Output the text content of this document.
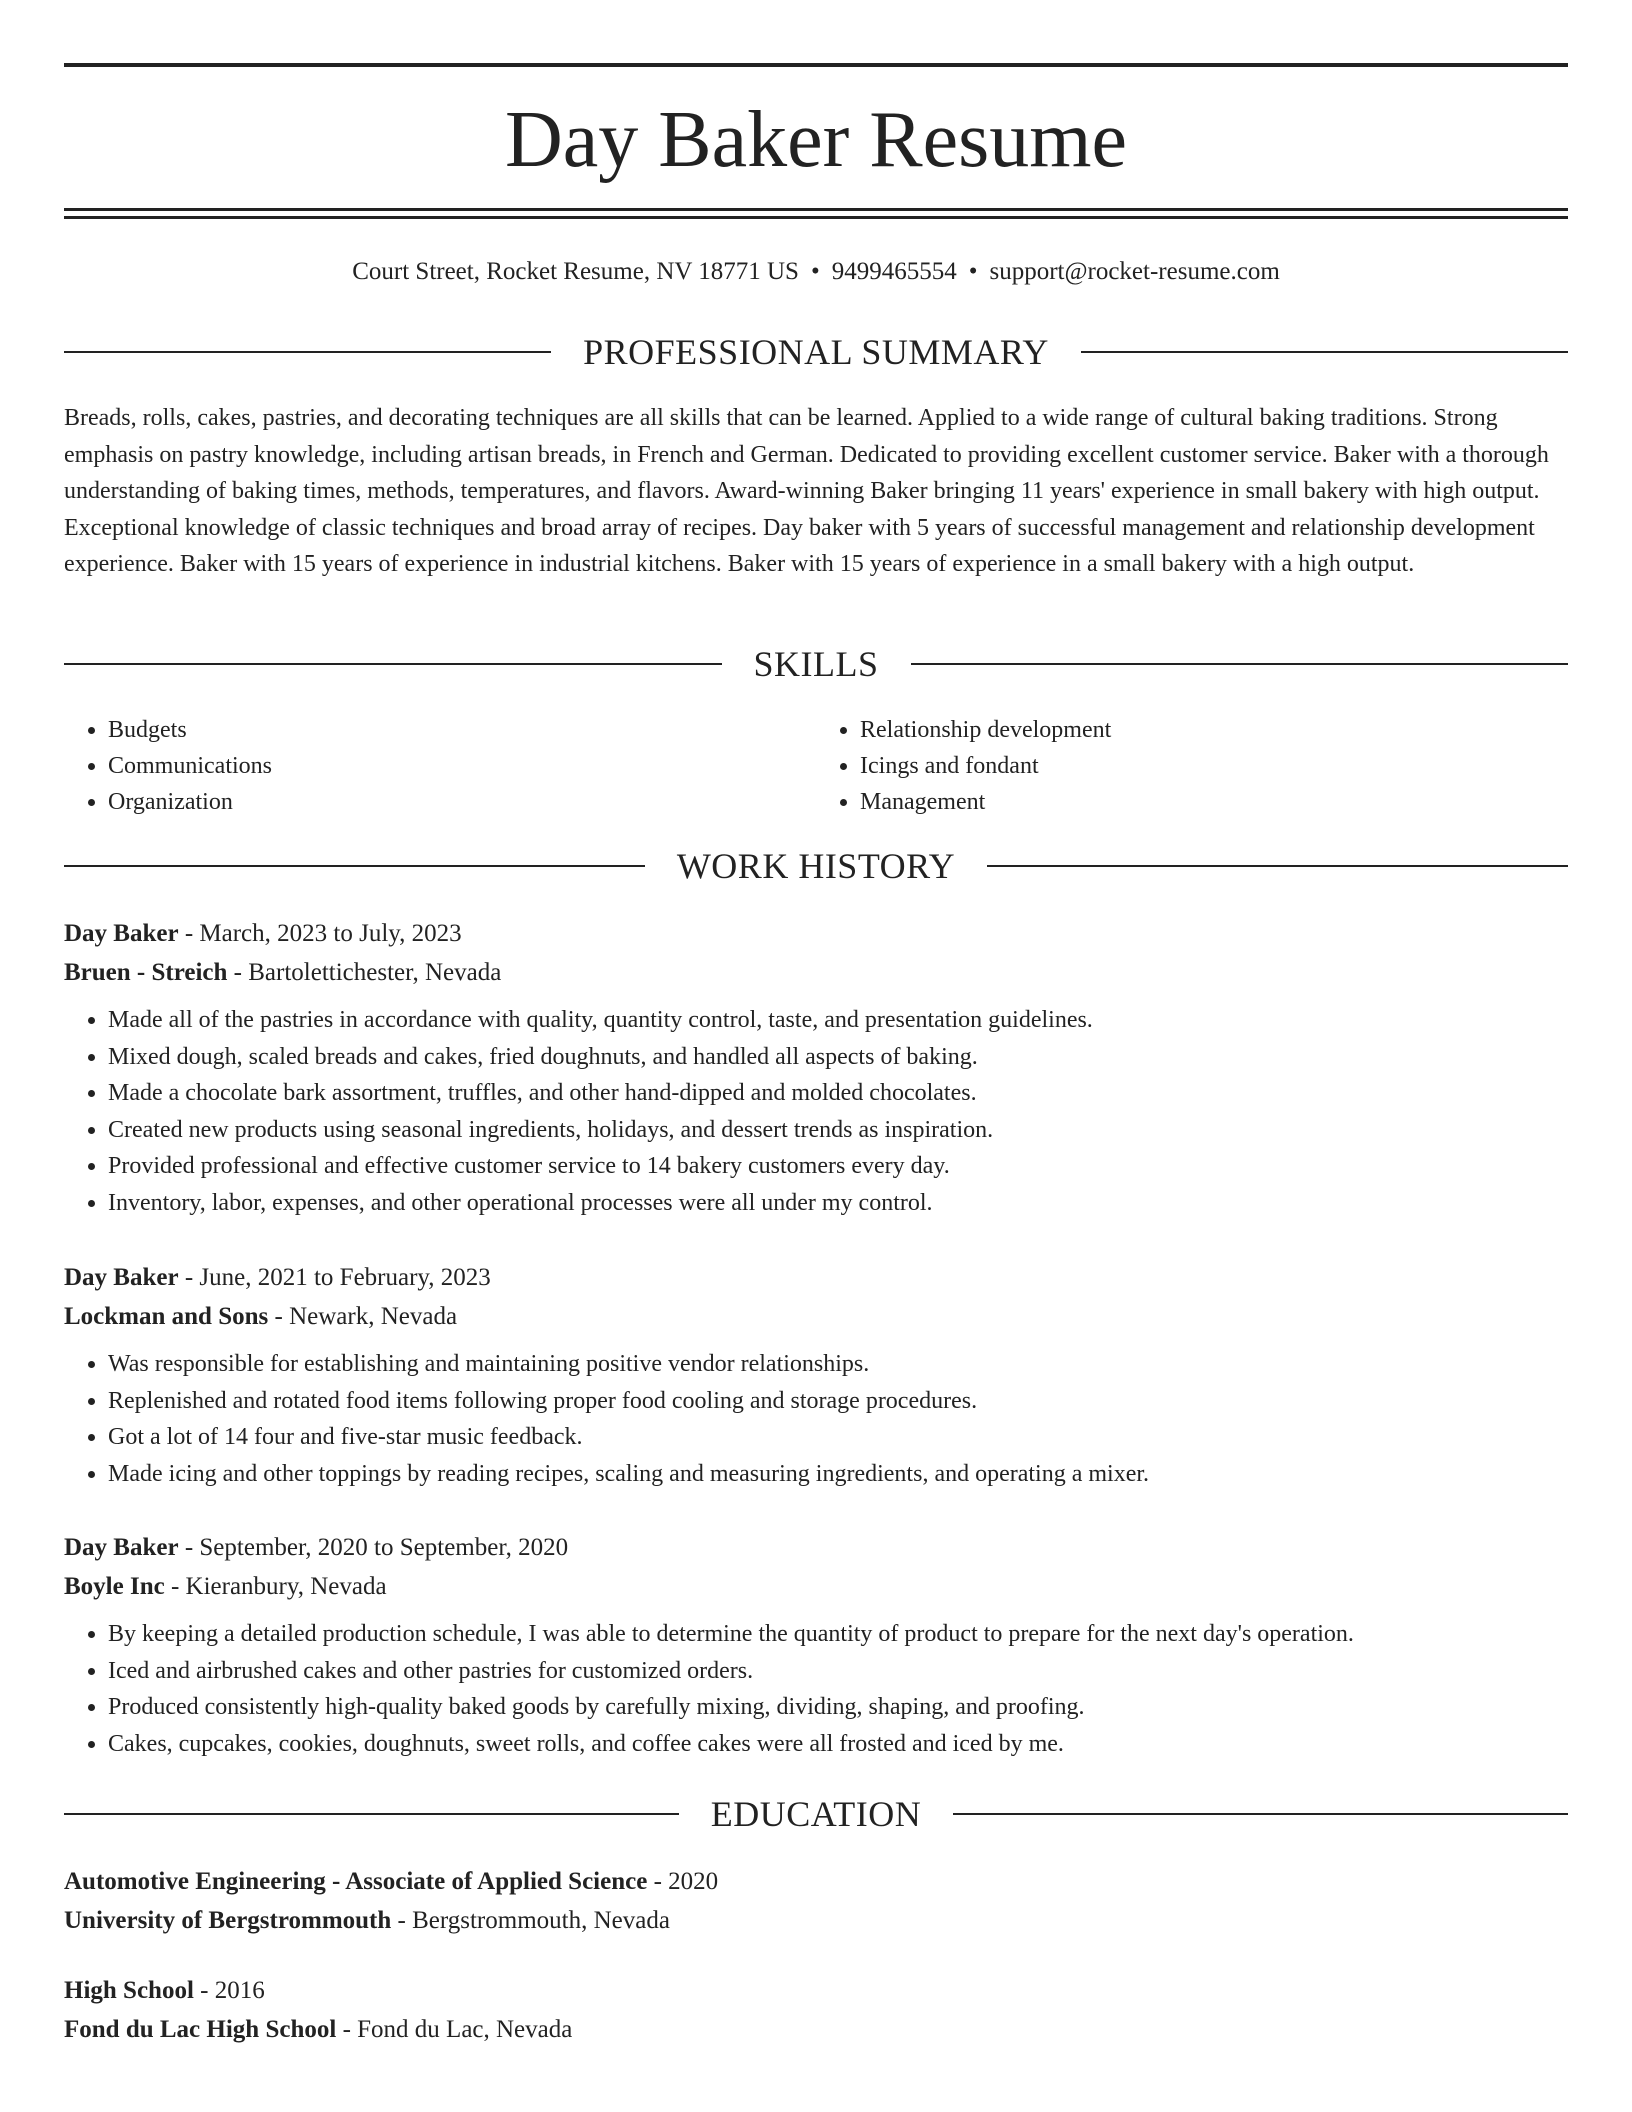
Day Baker Resume
Court Street, Rocket Resume, NV 18771 US • 9499465554 • support@rocket-resume.com
PROFESSIONAL SUMMARY

Breads, rolls, cakes, pastries, and decorating techniques are all skills that can be learned. Applied to a wide range of cultural baking traditions. Strong emphasis on pastry knowledge, including artisan breads, in French and German. Dedicated to providing excellent customer service. Baker with a thorough understanding of baking times, methods, temperatures, and flavors. Award-winning Baker bringing 11 years' experience in small bakery with high output. Exceptional knowledge of classic techniques and broad array of recipes. Day baker with 5 years of successful management and relationship development experience. Baker with 15 years of experience in industrial kitchens. Baker with 15 years of experience in a small bakery with a high output.

SKILLS
• Budgets
• Communications
• Organization
• Relationship development
• Icings and fondant
• Management
WORK HISTORY
Day Baker - March, 2023 to July, 2023
Bruen - Streich - Bartolettichester, Nevada
• Made all of the pastries in accordance with quality, quantity control, taste, and presentation guidelines.
• Mixed dough, scaled breads and cakes, fried doughnuts, and handled all aspects of baking.
• Made a chocolate bark assortment, truffles, and other hand-dipped and molded chocolates.
• Created new products using seasonal ingredients, holidays, and dessert trends as inspiration.
• Provided professional and effective customer service to 14 bakery customers every day.
• Inventory, labor, expenses, and other operational processes were all under my control.
Day Baker - June, 2021 to February, 2023
Lockman and Sons - Newark, Nevada
• Was responsible for establishing and maintaining positive vendor relationships.
• Replenished and rotated food items following proper food cooling and storage procedures.
• Got a lot of 14 four and five-star music feedback.
• Made icing and other toppings by reading recipes, scaling and measuring ingredients, and operating a mixer.
Day Baker - September, 2020 to September, 2020
Boyle Inc - Kieranbury, Nevada
• By keeping a detailed production schedule, I was able to determine the quantity of product to prepare for the next day's operation.
• Iced and airbrushed cakes and other pastries for customized orders.
• Produced consistently high-quality baked goods by carefully mixing, dividing, shaping, and proofing.
• Cakes, cupcakes, cookies, doughnuts, sweet rolls, and coffee cakes were all frosted and iced by me.
EDUCATION
Automotive Engineering - Associate of Applied Science - 2020
University of Bergstrommouth - Bergstrommouth, Nevada
High School - 2016
Fond du Lac High School - Fond du Lac, Nevada
